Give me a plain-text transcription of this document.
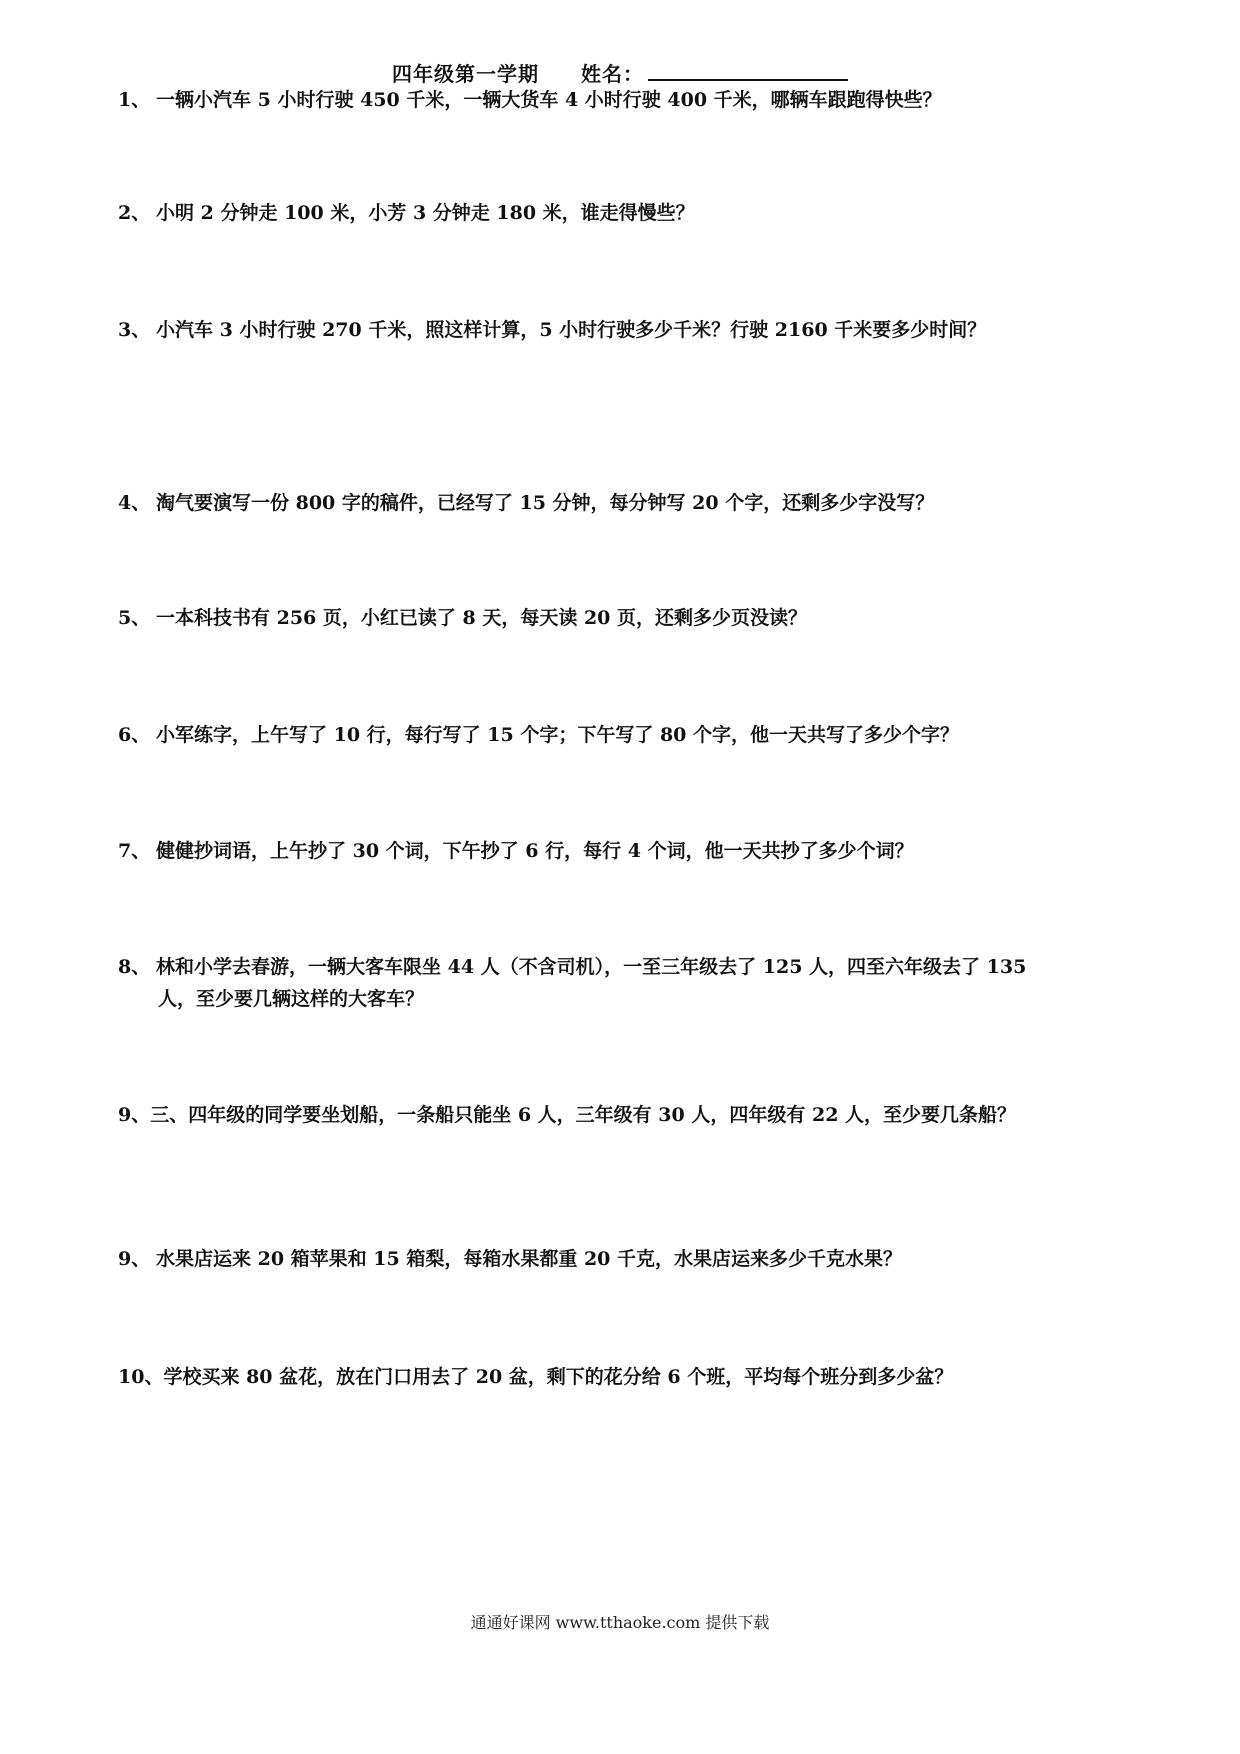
四年级第一学期 姓名：
1、 一辆小汽车 5 小时行驶 450 千米，一辆大货车 4 小时行驶 400 千米，哪辆车跟跑得快些？
2、 小明 2 分钟走 100 米，小芳 3 分钟走 180 米，谁走得慢些？
3、 小汽车 3 小时行驶 270 千米，照这样计算，5 小时行驶多少千米？行驶 2160 千米要多少时间？
4、 淘气要演写一份 800 字的稿件，已经写了 15 分钟，每分钟写 20 个字，还剩多少字没写？
5、 一本科技书有 256 页，小红已读了 8 天，每天读 20 页，还剩多少页没读？
6、 小军练字，上午写了 10 行，每行写了 15 个字；下午写了 80 个字，他一天共写了多少个字？
7、 健健抄词语，上午抄了 30 个词，下午抄了 6 行，每行 4 个词，他一天共抄了多少个词？
8、 林和小学去春游，一辆大客车限坐 44 人（不含司机），一至三年级去了 125 人，四至六年级去了 135
人，至少要几辆这样的大客车？
9、三、四年级的同学要坐划船，一条船只能坐 6 人，三年级有 30 人，四年级有 22 人，至少要几条船？
9、 水果店运来 20 箱苹果和 15 箱梨，每箱水果都重 20 千克，水果店运来多少千克水果？
10、学校买来 80 盆花，放在门口用去了 20 盆，剩下的花分给 6 个班，平均每个班分到多少盆？
通通好课网 www.tthaoke.com 提供下载
